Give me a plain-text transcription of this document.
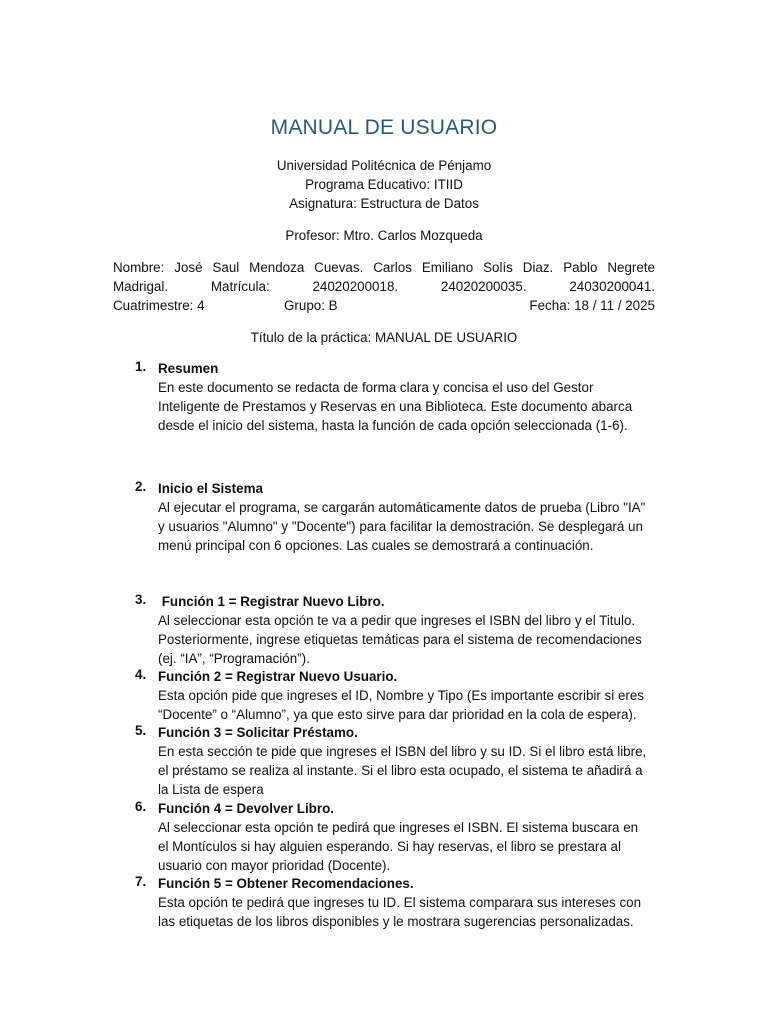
MANUAL DE USUARIO
Universidad Politécnica de Pénjamo
Programa Educativo: ITIID
Asignatura: Estructura de Datos
Profesor: Mtro. Carlos Mozqueda
Nombre: José Saul Mendoza Cuevas. Carlos Emiliano Solís Diaz. Pablo Negrete
Madrigal.	Matrícula:	24020200018.	24020200035.	24030200041.
Cuatrimestre: 4	Grupo: B	Fecha: 18 / 11 / 2025
Título de la práctica: MANUAL DE USUARIO
1. Resumen
En este documento se redacta de forma clara y concisa el uso del Gestor
Inteligente de Prestamos y Reservas en una Biblioteca. Este documento abarca
desde el inicio del sistema, hasta la función de cada opción seleccionada (1-6).
2. Inicio el Sistema
Al ejecutar el programa, se cargarán automáticamente datos de prueba (Libro "IA"
y usuarios "Alumno" y "Docente") para facilitar la demostración. Se desplegará un
menú principal con 6 opciones. Las cuales se demostrará a continuación.
3. Función 1 = Registrar Nuevo Libro.
Al seleccionar esta opción te va a pedir que ingreses el ISBN del libro y el Titulo.
Posteriormente, ingrese etiquetas temáticas para el sistema de recomendaciones
(ej. “IA”, “Programación”).
4. Función 2 = Registrar Nuevo Usuario.
Esta opción pide que ingreses el ID, Nombre y Tipo (Es importante escribir si eres
“Docente” o “Alumno”, ya que esto sirve para dar prioridad en la cola de espera).
5. Función 3 = Solicitar Préstamo.
En esta sección te pide que ingreses el ISBN del libro y su ID. Si el libro está libre,
el préstamo se realiza al instante. Si el libro esta ocupado, el sistema te añadirá a
la Lista de espera
6. Función 4 = Devolver Libro.
Al seleccionar esta opción te pedirá que ingreses el ISBN. El sistema buscara en
el Montículos si hay alguien esperando. Si hay reservas, el libro se prestara al
usuario con mayor prioridad (Docente).
7. Función 5 = Obtener Recomendaciones.
Esta opción te pedirá que ingreses tu ID. El sistema comparara sus intereses con
las etiquetas de los libros disponibles y le mostrara sugerencias personalizadas.
